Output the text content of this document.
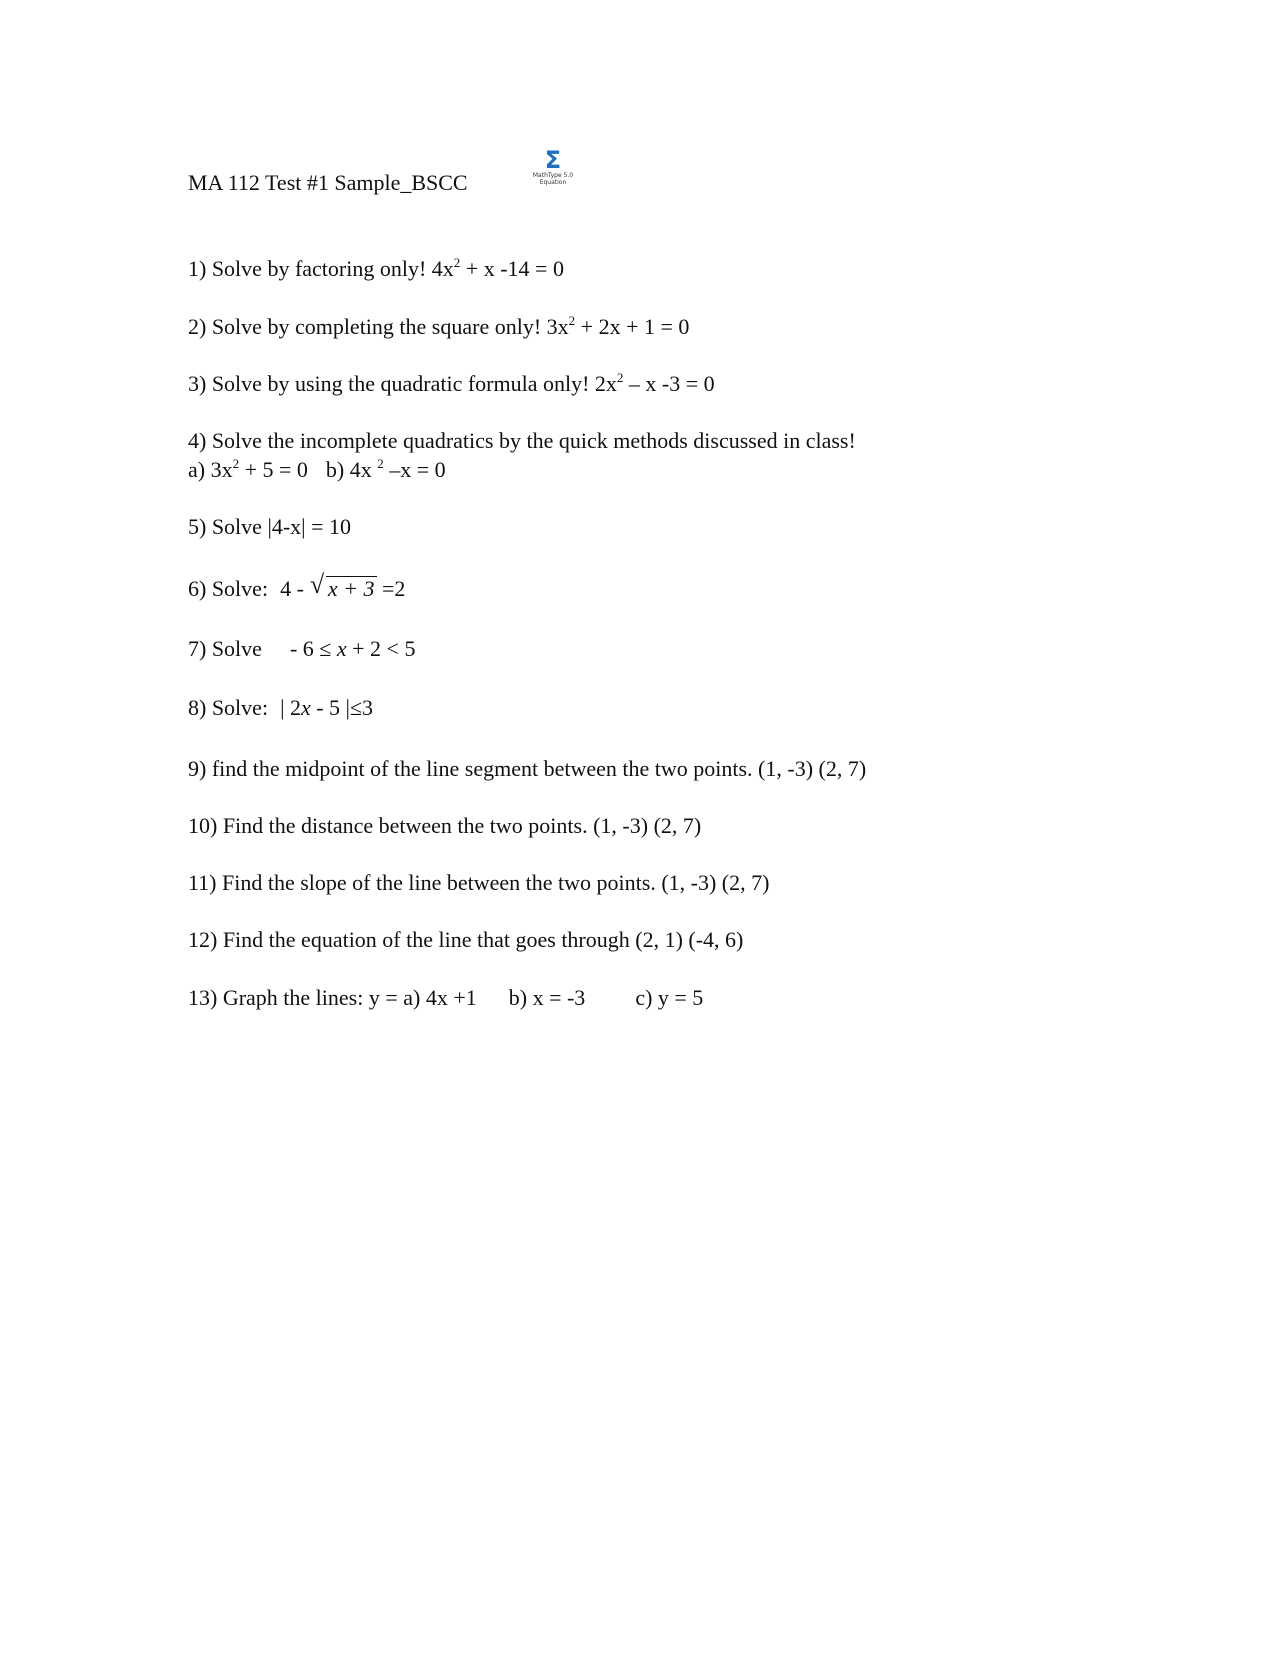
MA 112 Test #1 Sample_BSCC
Σ
MathType 5.0
Equation
1) Solve by factoring only! $4x^2 + x$ -14 = 0
2) Solve by completing the square only! $3x^2 + 2x + 1 = 0$
3) Solve by using the quadratic formula only! $2x^2$ – x -3 = 0
4) Solve the incomplete quadratics by the quick methods discussed in class!
a) $3x^2 + 5 = 0$ b) 4x $^2$ –x = 0
5) Solve |4-x| = 10
6) Solve: 4 - √ x + 3 =2
7) Solve - 6 ≤ x + 2 < 5
8) Solve: | 2x - 5 |≤3
9) find the midpoint of the line segment between the two points. (1, -3) (2, 7)
10) Find the distance between the two points. (1, -3) (2, 7)
11) Find the slope of the line between the two points. (1, -3) (2, 7)
12) Find the equation of the line that goes through (2, 1) (-4, 6)
13) Graph the lines: y = a) 4x +1 b) x = -3 c) y = 5
